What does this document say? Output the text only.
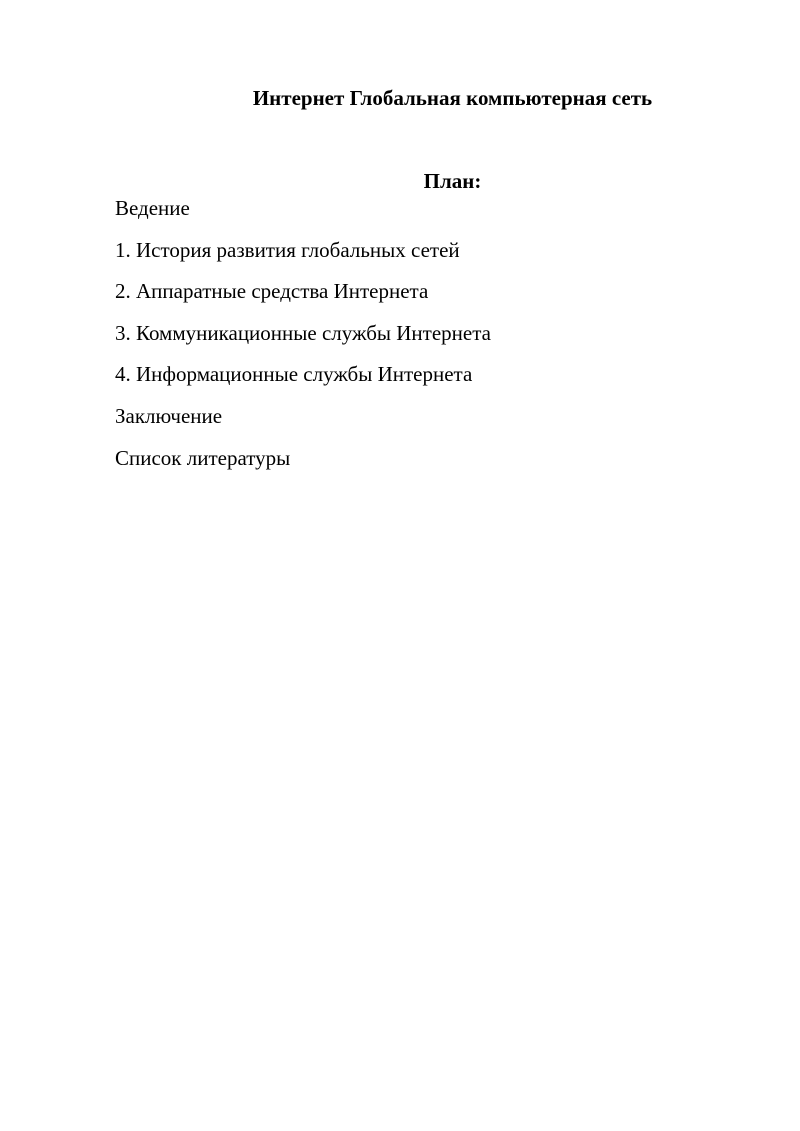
Интернет Глобальная компьютерная сеть
План:
Ведение
1. История развития глобальных сетей
2. Аппаратные средства Интернета
3. Коммуникационные службы Интернета
4. Информационные службы Интернета
Заключение
Список литературы
